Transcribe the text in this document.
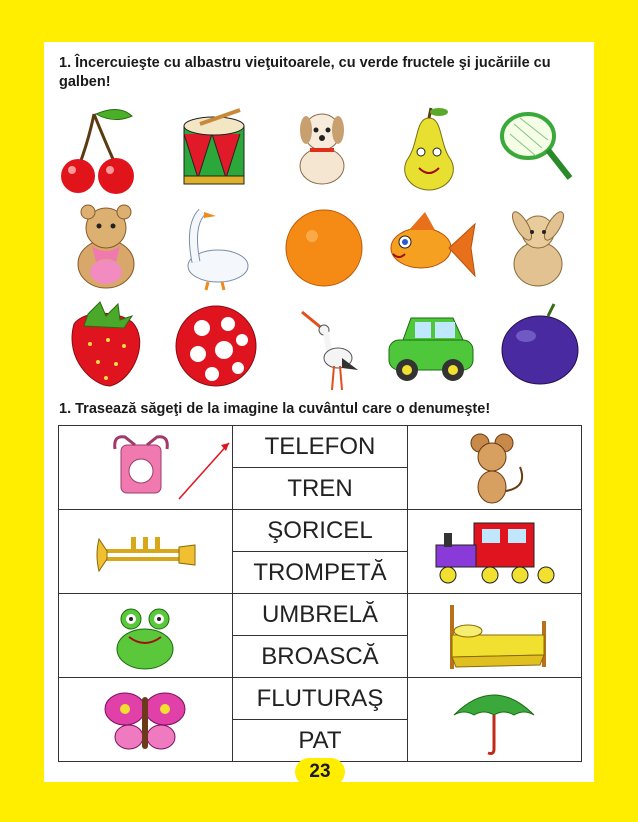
1. Încercuieşte cu albastru vieţuitoarele, cu verde fructele şi jucăriile cu galben!
1. Trasează săgeţi de la imagine la cuvântul care o denumeşte!

TELEFON

	TREN	

ŞORICEL

	TROMPETĂ	

UMBRELĂ

	BROASCĂ	

FLUTURAŞ

	PAT	
23
